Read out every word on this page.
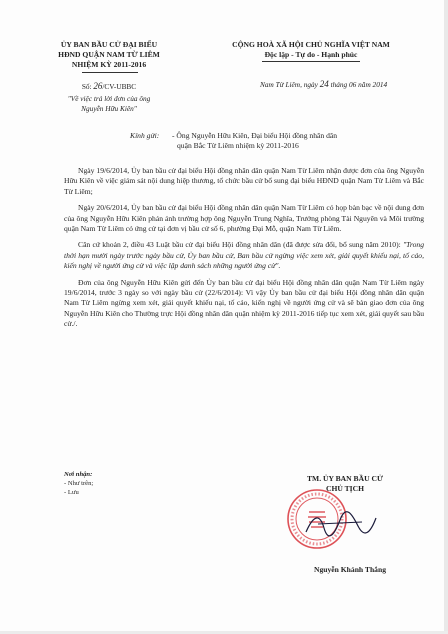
ỦY BAN BẦU CỬ ĐẠI BIỂU
HĐND QUẬN NAM TỪ LIÊM
NHIỆM KỲ 2011-2016
Số: 26/CV-UBBC
"Về việc trả lời đơn của ông
Nguyễn Hữu Kiên"
CỘNG HOÀ XÃ HỘI CHỦ NGHĨA VIỆT NAM
Độc lập - Tự do - Hạnh phúc
Nam Từ Liêm, ngày 24 tháng 06 năm 2014
Kính gửi: - Ông Nguyễn Hữu Kiên, Đại biểu Hội đồng nhân dân
quận Bắc Từ Liêm nhiệm kỳ 2011-2016

Ngày 19/6/2014, Ủy ban bầu cử đại biểu Hội đồng nhân dân quận Nam Từ Liêm nhận được đơn của ông Nguyễn Hữu Kiên về việc giám sát nội dung hiệp thương, tổ chức bầu cử bổ sung đại biểu HĐND quận Nam Từ Liêm và Bắc Từ Liêm;

Ngày 20/6/2014, Ủy ban bầu cử đại biểu Hội đồng nhân dân quận Nam Từ Liêm có họp bàn bạc về nội dung đơn của ông Nguyễn Hữu Kiên phản ánh trường hợp ông Nguyễn Trung Nghĩa, Trưởng phòng Tài Nguyên và Môi trường quận Nam Từ Liêm có ứng cử tại đơn vị bầu cử số 6, phường Đại Mỗ, quận Nam Từ Liêm.

Căn cứ khoản 2, điều 43 Luật bầu cử đại biểu Hội đồng nhân dân (đã được sửa đổi, bổ sung năm 2010): "Trong thời hạn mười ngày trước ngày bầu cử, Ủy ban bầu cử, Ban bầu cử ngừng việc xem xét, giải quyết khiếu nại, tố cáo, kiến nghị về người ứng cử và việc lập danh sách những người ứng cử".

Đơn của ông Nguyễn Hữu Kiên gửi đến Ủy ban bầu cử đại biểu Hội đồng nhân dân quận Nam Từ Liêm ngày 19/6/2014, trước 3 ngày so với ngày bầu cử (22/6/2014): Vì vậy Ủy ban bầu cử đại biểu Hội đồng nhân dân quận Nam Từ Liêm ngừng xem xét, giải quyết khiếu nại, tố cáo, kiến nghị về người ứng cử và sẽ bàn giao đơn của ông Nguyễn Hữu Kiên cho Thường trực Hội đồng nhân dân quận nhiệm kỳ 2011-2016 tiếp tục xem xét, giải quyết sau bầu cử./.

Nơi nhận:
- Như trên;
- Lưu
TM. ỦY BAN BẦU CỬ
CHỦ TỊCH
Nguyễn Khánh Thắng
